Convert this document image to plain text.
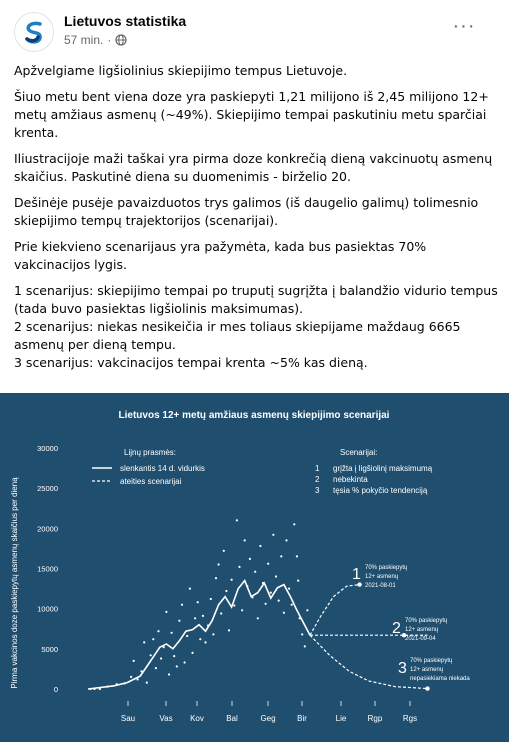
Lietuvos statistika
57 min. ·
···

Apžvelgiame ligšiolinius skiepijimo tempus Lietuvoje.

Šiuo metu bent viena doze yra paskiepyti 1,21 milijono iš 2,45 milijono 12+ metų amžiaus asmenų (~49%). Skiepijimo tempai paskutiniu metu sparčiai krenta.

Iliustracijoje maži taškai yra pirma doze konkrečią dieną vakcinuotų asmenų skaičius. Paskutinė diena su duomenimis - birželio 20.

Dešinėje pusėje pavaizduotos trys galimos (iš daugelio galimų) tolimesnio skiepijimo tempų trajektorijos (scenarijai).

Prie kiekvieno scenarijaus yra pažymėta, kada bus pasiektas 70% vakcinacijos lygis.

1 scenarijus: skiepijimo tempai po truputį sugrįžta į balandžio vidurio tempus (tada buvo pasiektas ligšiolinis maksimumas).
2 scenarijus: niekas nesikeičia ir mes toliaus skiepijame maždaug 6665 asmenų per dieną tempu.
3 scenarijus: vakcinacijos tempai krenta ~5% kas dieną.

Lietuvos 12+ metų amžiaus asmenų skiepijimo scenarijai
Pirma vakcinos doze paskiepytų asmenų skaičius per dieną
0
5000
10000
15000
20000
25000
30000
Sau	Vas Kov	Bal	Geg	Bir	Lie	Rgp	Rgs
Lijnų prasmės:
slenkantis 14 d. vidurkis
ateities scenarijai
Scenarijai:
1 grįžta į ligšiolinį maksimumą
2 nebekinta
3 tęsia % pokyčio tendenciją
1 70% paskiepytų
12+ asmenų
2021-08-01
2 70% paskiepytų
12+ asmenų
2021-09-04
3 70% paskiepytų
12+ asmenų
nepasiekiama niekada
